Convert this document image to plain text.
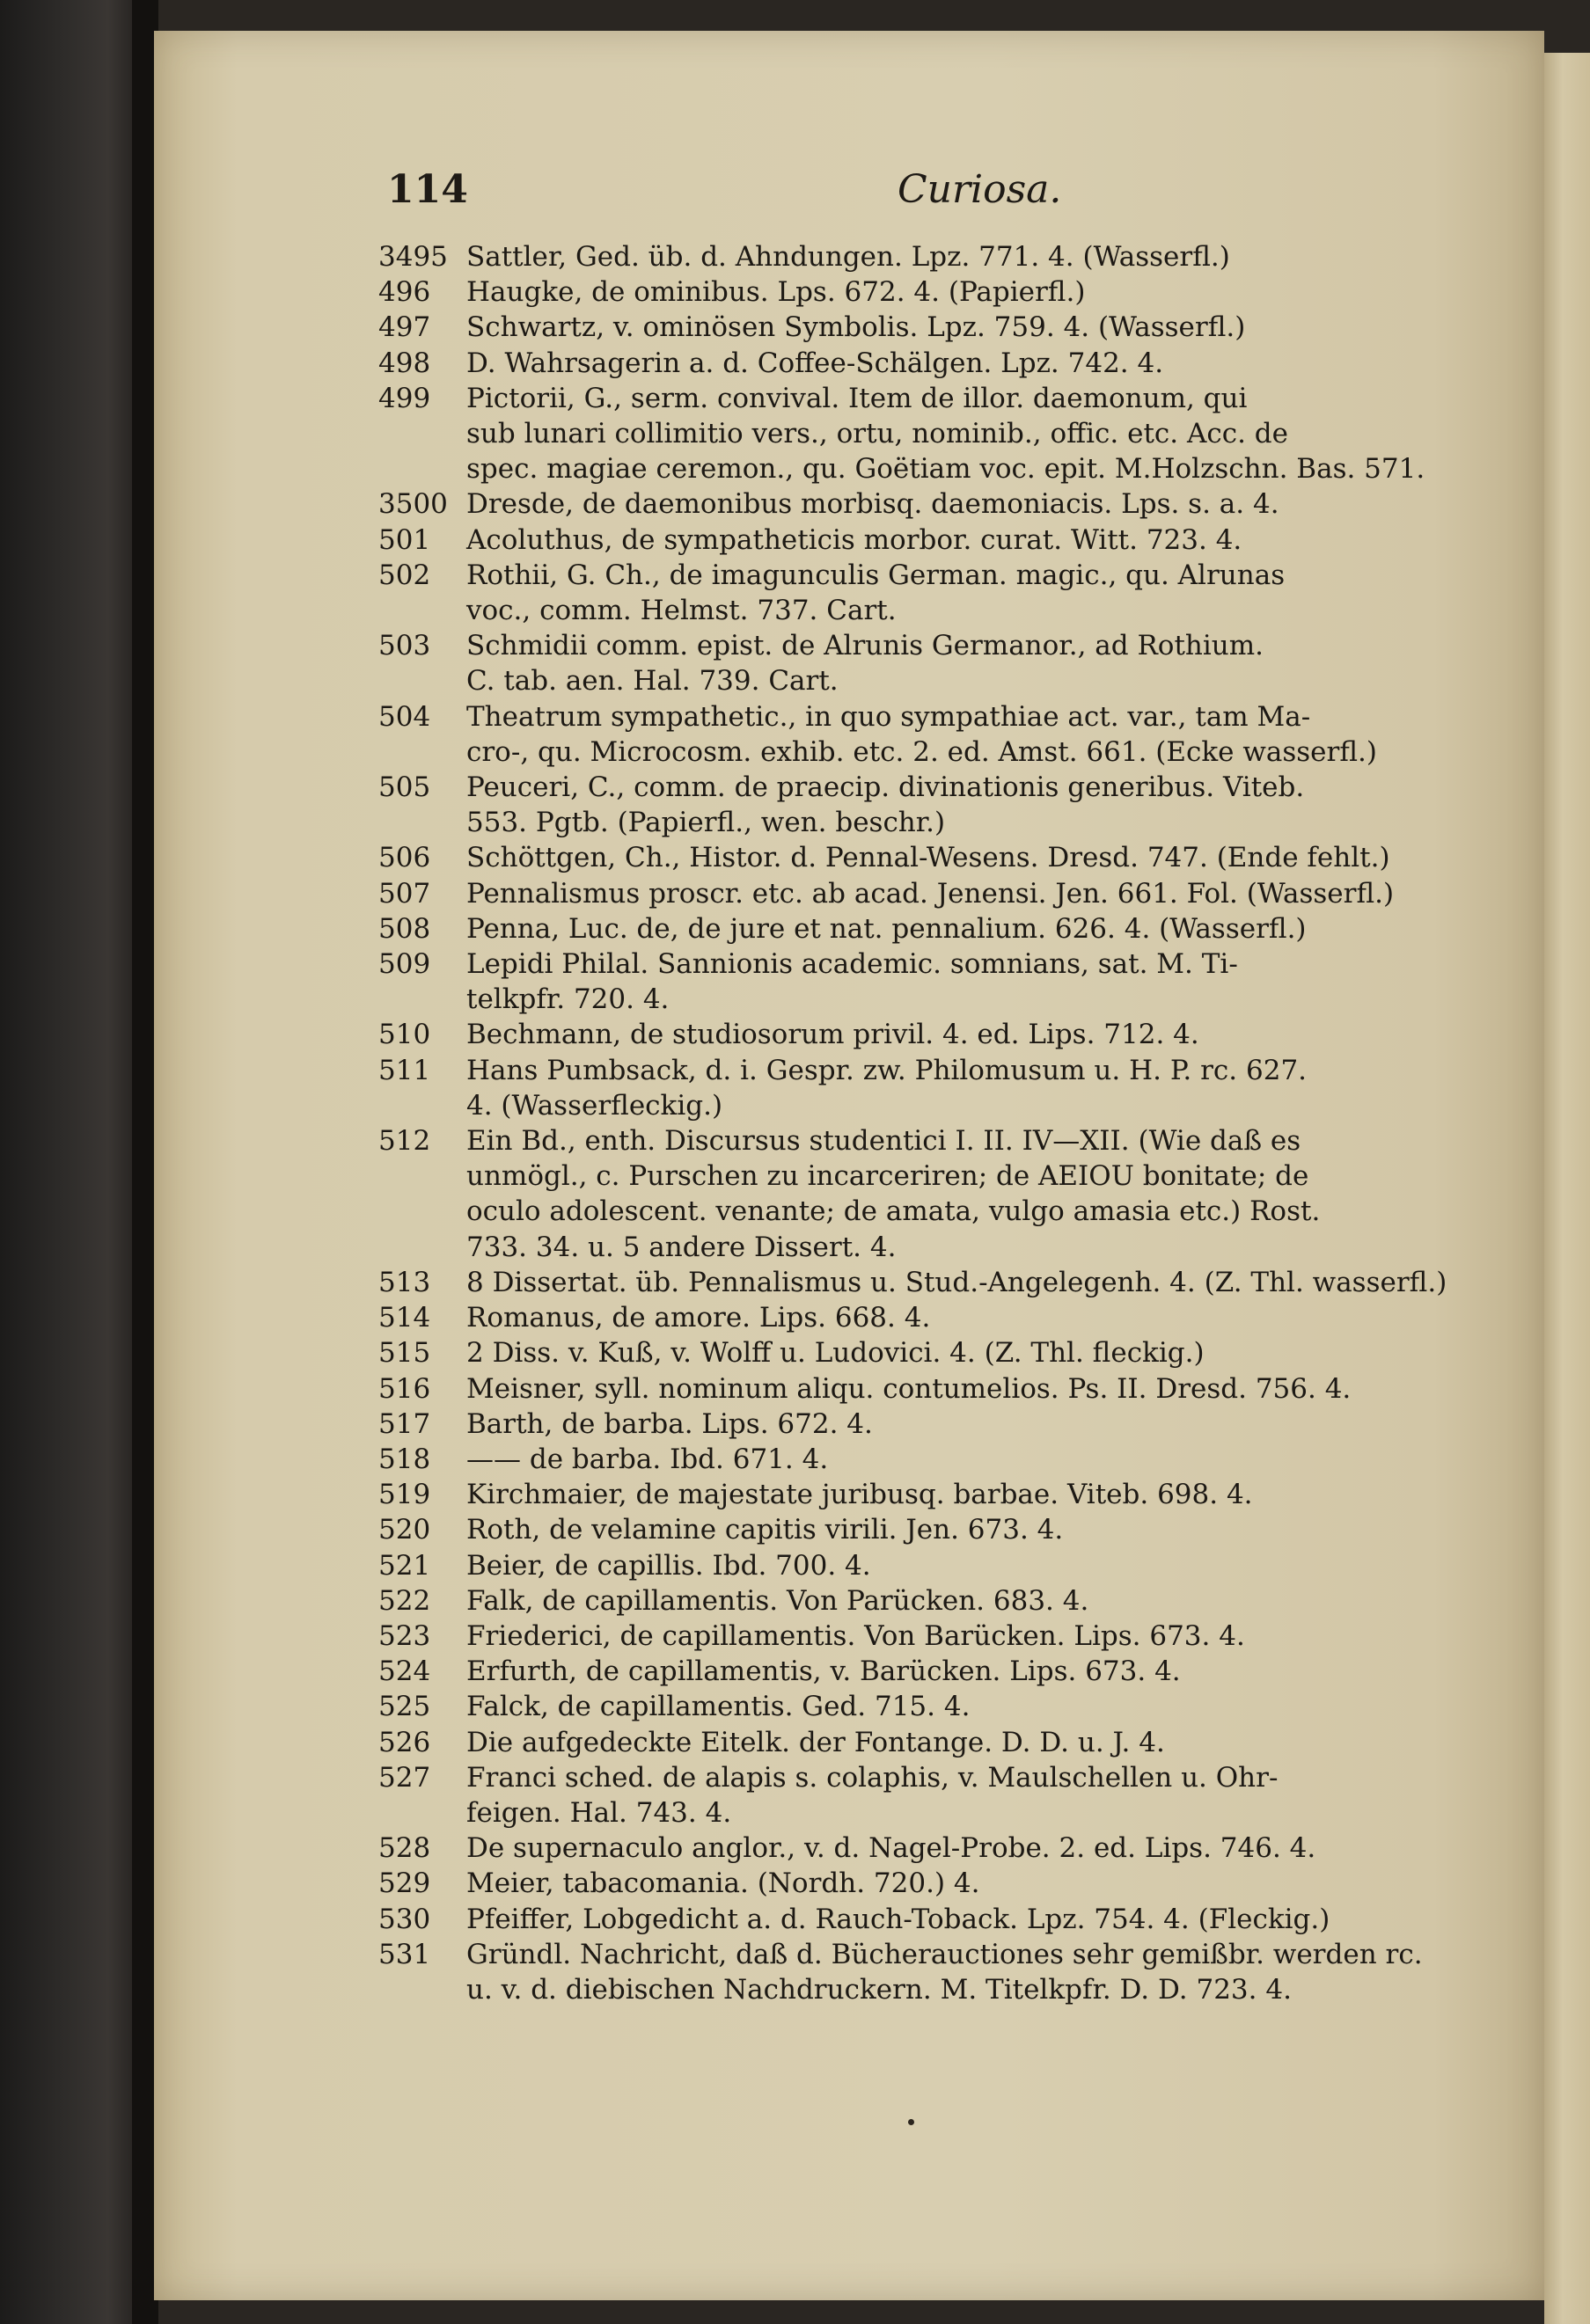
114	Curiosa.
3495 Sattler, Ged. üb. d. Ahndungen. Lpz. 771. 4. (Wasserfl.)
496	Haugke, de ominibus. Lps. 672. 4. (Papierfl.)
497	Schwartz, v. ominösen Symbolis. Lpz. 759. 4. (Wasserfl.)
498	D. Wahrsagerin a. d. Coffee-Schälgen. Lpz. 742. 4.
499	Pictorii, G., serm. convival. Item de illor. daemonum, qui
sub lunari collimitio vers., ortu, nominib., offic. etc. Acc. de
spec. magiae ceremon., qu. Goëtiam voc. epit. M.Holzschn. Bas. 571.
3500 Dresde, de daemonibus morbisq. daemoniacis. Lps. s. a. 4.
501	Acoluthus, de sympatheticis morbor. curat. Witt. 723. 4.
502	Rothii, G. Ch., de imagunculis German. magic., qu. Alrunas
voc., comm. Helmst. 737. Cart.
503	Schmidii comm. epist. de Alrunis Germanor., ad Rothium.
C. tab. aen. Hal. 739. Cart.
504	Theatrum sympathetic., in quo sympathiae act. var., tam Ma-
cro-, qu. Microcosm. exhib. etc. 2. ed. Amst. 661. (Ecke wasserfl.)
505	Peuceri, C., comm. de praecip. divinationis generibus. Viteb.
553. Pgtb. (Papierfl., wen. beschr.)
506	Schöttgen, Ch., Histor. d. Pennal-Wesens. Dresd. 747. (Ende fehlt.)
507	Pennalismus proscr. etc. ab acad. Jenensi. Jen. 661. Fol. (Wasserfl.)
508	Penna, Luc. de, de jure et nat. pennalium. 626. 4. (Wasserfl.)
509	Lepidi Philal. Sannionis academic. somnians, sat. M. Ti-
telkpfr. 720. 4.
510	Bechmann, de studiosorum privil. 4. ed. Lips. 712. 4.
511	Hans Pumbsack, d. i. Gespr. zw. Philomusum u. H. P. rc. 627.
4. (Wasserfleckig.)
512	Ein Bd., enth. Discursus studentici I. II. IV—XII. (Wie daß es
unmögl., c. Purschen zu incarceriren; de AEIOU bonitate; de
oculo adolescent. venante; de amata, vulgo amasia etc.) Rost.
733. 34. u. 5 andere Dissert. 4.
513	8 Dissertat. üb. Pennalismus u. Stud.-Angelegenh. 4. (Z. Thl. wasserfl.)
514	Romanus, de amore. Lips. 668. 4.
515	2 Diss. v. Kuß, v. Wolff u. Ludovici. 4. (Z. Thl. fleckig.)
516	Meisner, syll. nominum aliqu. contumelios. Ps. II. Dresd. 756. 4.
517	Barth, de barba. Lips. 672. 4.
518	—— de barba. Ibd. 671. 4.
519	Kirchmaier, de majestate juribusq. barbae. Viteb. 698. 4.
520	Roth, de velamine capitis virili. Jen. 673. 4.
521	Beier, de capillis. Ibd. 700. 4.
522	Falk, de capillamentis. Von Parücken. 683. 4.
523	Friederici, de capillamentis. Von Barücken. Lips. 673. 4.
524	Erfurth, de capillamentis, v. Barücken. Lips. 673. 4.
525	Falck, de capillamentis. Ged. 715. 4.
526	Die aufgedeckte Eitelk. der Fontange. D. D. u. J. 4.
527	Franci sched. de alapis s. colaphis, v. Maulschellen u. Ohr-
feigen. Hal. 743. 4.
528	De supernaculo anglor., v. d. Nagel-Probe. 2. ed. Lips. 746. 4.
529	Meier, tabacomania. (Nordh. 720.) 4.
530	Pfeiffer, Lobgedicht a. d. Rauch-Toback. Lpz. 754. 4. (Fleckig.)
531	Gründl. Nachricht, daß d. Bücherauctiones sehr gemißbr. werden rc.
u. v. d. diebischen Nachdruckern. M. Titelkpfr. D. D. 723. 4.
